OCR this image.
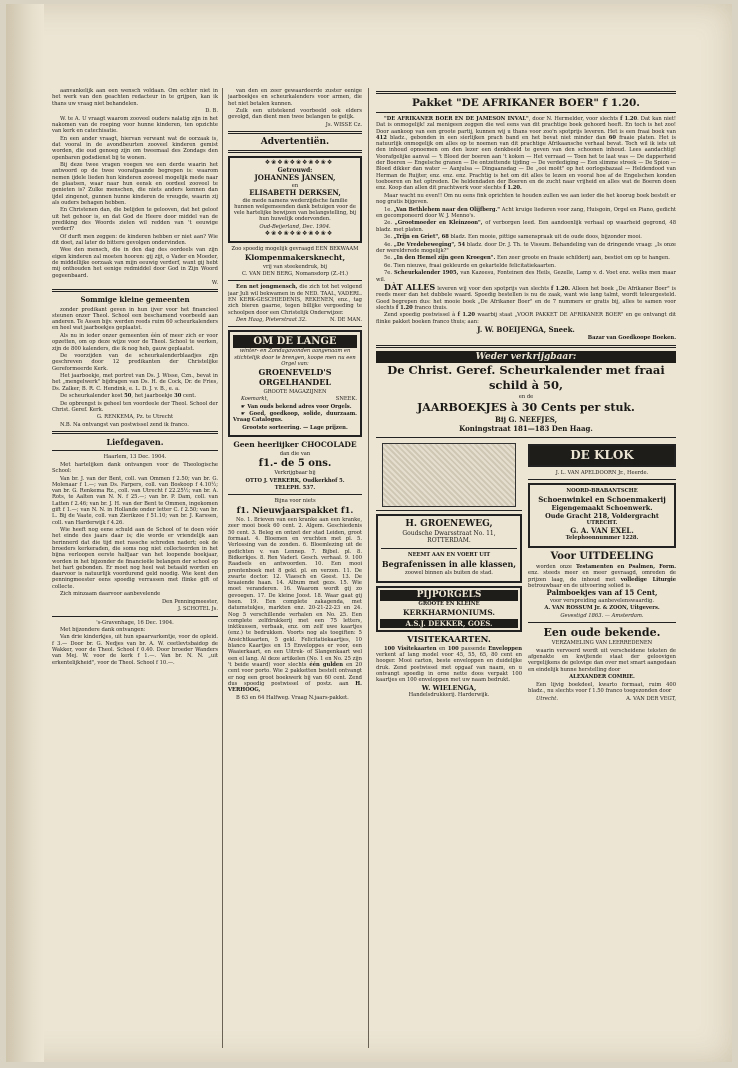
aanvankelijk aan een wensch voldaan. Om echter niet in het werk van den geachten redacteur in te grijpen, kan ik thans uw vraag niet behandelen.

D. B.

W. te A. U vraagt waarom zooveel ouders nalatig zijn in het nakomen van de roeping voor hunne kinderen, ten opzichte van kerk en catechisatie.

En een ander vraagt, hiervan verwant wat de oorzaak is, dat vooral in de avondbeurten zooveel kinderen gemist worden, die oud genoeg zijn om tweemaal des Zondags den openbaren godsdienst bij te wonen.

Bij deze twee vragen voegen we een derde waarin het antwoord op de twee voorafgaande begrepen is: waarom nemen ijdele lieden hun kinderen zooveel mogelijk mede naar de plaatsen, waar naar hun eensk en oordeel zooveel te genieten is? Zulke menschen, die niets anders kennen dan ijdel zingenot, gunnen hunne kinderen de vreugde, waarin zij als ouders behagen hebben.

En Christenen dan, die belijden te gelooven, dat het geloof uit het gehoor is, en dat God de Heere door middel van de prediking des Woords zielen wil redden van 't eeuwige verderf?

Of durft men zeggen: de kinderen hebben er niet aan? Wie dit doet, zal later do bittere gevolgen ondervinden.

Wee den mensch, die in den dag des oordeels van zijn eigen kinderen zal moeten hooren: gij zijt, o Vader en Moeder, de middellijke oorzaak van mijn eeuwig verderf, want gij hebt mij onthouden het eenige redmiddel door God in Zijn Woord gegeenbaard.

W.

Sommige kleine gemeenten

zonder predikant geven in hun ijver voor het financieel steunen onzer Theol. School een beschamend voorbeeld aan anderen. Te Assen bijv. werden reeds ruim 60 scheurkalenders en heel wat jaarboekjes geplaatst.

Als nu in ieder onzer gemeenten één of meer zich er voor opzetten, om op deze wijze voor de Theol. School te werken, zijn de 800 kalenders, die ik nog heb, gauw geplaatst.

De voorzijden van de scheurkalenderblaadjes zijn geschreven door 12 predikanten der Christelijke Gereformeerde Kerk.

Het jaarboekje, met portret van Ds. J. Wisse, Czn., bevat in het „mengelwerk" bijdragen van Ds. H. de Cock, Dr. de Fries, Ds. Zalker, B. R. C. Hendink, e. L. D. J. v. B., e. a.

De scheurkalender kost 50, het jaarboekje 30 cent.

De opbrengst is geheel ten voordeele der Theol. School der Christ. Geref. Kerk.

G. RENKEMA, Pz. te Utrecht

N.B. Na ontvangst van postwissel zend ik franco.

Liefdegaven.

Haarlem, 13 Dec. 1904.

Met hartelijken dank ontvangen voor de Theologische School:

Van br. J. van der Bent, coll. van Ommen f 2.50; van br. G. Molenaar f 1.—; van Ds. Farpers, coll. van Boskoop f 4.10½; van br. G. Renkema Rz., coll. van Utrecht f 22.25½; van br. A. Rots, te Aalten van N. N. f 25.—; van br. P. Dam, coll. van Latten f 2.46; van br. J. H. van der Bent te Ommen, ingekomen gift f 1.—; van N. N. in Hollande onder letter C. f 2.50; van br. L. Bij de Vaate, coll. van Zierikzee f 51.10; van br. J. Karssen, coll. van Harderwijk f 4.26.

Wie heeft nog eene schuld aan de School of te doen vóór het einde des jaars daar is; die worde er vriendelijk aan herinnerd dat die tijd met rassche schreden nadert; ook de broeders kerkeraden, die soms nog niet collecteerden in het bijna verloopen eerste halfjaar van het loopende boekjaar, worden in het bijzonder de financieële belangen der school op het hart gebonden. Er moet nog heel wat betaald worden en daarvoor is natuurlijk voordurend geld noodig. Wie kent den penningmeester eens spoedig verrassen met flinke gift of collecte.

Zich minzaam daarvoor aanbevelende

Den Penningmeester,

J. SCHOTEL Js.

's-Gravenhage, 16 Dec. 1904.

Met bijzondere dank ontvangen:

Van drie kinderkjes, uit hun spaarvarkentje, voor de opleid. f 3.— Door br. G. Nedjes van br. A. W. ceetlevtsbaidop de Wakker, voor de Theol. School f 0.40. Door broeder Wanders van Mej. W. voor de kerk f 1.—. Van br. N. N. „uit erkentelijkheid", voor de Theol. School f 10.—.

van den en zeer gewaardeerde zuster eenige jaarboekjes en scheurkalenders voor armen, die het niet betalen kunnen.

Zulk een uitstekend voorbeeld ook elders gevolgd, dan dient men twee belangen te gelijk.

Js. WISSE Cz.

Advertentiën.

❖❀❖❀❖❀❖❀❖❀❖

Getrouwd:

JOHANNES JANSEN,

en

ELISABETH DERKSEN,

die mede namens wederzijdsche familie hunnen welgemeenden dank betuigen voor de vele hartelijke bewijzen van belangstelling, bij hun huwelijk ondervonden.

Oud-Beijerland, Dec. 1904.

❖❀❖❀❖❀❖❀❖❀❖

Zoo spoedig mogelijk gevraagd EEN BEKWAAM

Klompenmakersknecht,

vrij van steekendruk, bij

C. VAN DEN BERG, Nomansdorp (Z.-H.)

Een net jongmensch, die zich tot het volgend jaar Juli wil bekwamen in de NED. TAAL, VADERL. EN KERK-GESCHIEDENIS, REKENEN, enz., tag zich bieren gaarne, tegen billijke vergoeding te schoolpen door een Christelijk Onderwijzer.

Den Haag, Pieterstraat 32.	N. DE MAN.

OM DE LANGE

winter- en Zondagavonden aangenaam en stichtelijk door te brengen, koope men nu een Orgel van:

GROENEVELD'S ORGELHANDEL

GROOTE MAGAZIJNEN

Koemarkt,	SNEEK.

☛ Van ouds bekend adres voor Orgels.

☛ Goed, goedkoop, solide, duurzaam. Vraag Catalogus.

Grootste sorteering. — Lage prijzen.

Geen heerlijker CHOCOLADE

dan die van

f1.- de 5 ons.

Verkrijgbaar bij

OTTO J. VERKERK, Oudkerkhof 5.

TELEPH. 537.

Bijna voor niets

f1. Nieuwjaarspakket f1.

No. 1. Brieven van een kranke aan een kranke, zeer mooi boek 60 cent. 2. Algem. Geschiedenis 50 cent. 3. Beleg en ontzet der stad Leiden, groot formaat. 4. Bloemen en vruchten met pl. 5. Verlossing van de zonden. 6. Bloemlezing uit de gedichten v. van Lennep. 7. Bijbel. pl. 8. Bidkerkjes. 8. Ren Vaderl. Gesch. verhaal. 9. 100 Raadsels en antwoorden. 10. Een mooi prentenboek met 8 gekl. pl. en verzen. 11. De zwarte doctor. 12. Vlaesch en Geest. 13. De kraaiende haan. 14. Album met gezs. 15. Wie moet veranderen. 16. Waarom wordt gij zo gevoegen. 17. De kleine Joost. 18. Waar gaat gij heen. 19. Een complete zakagenda, met datumstukjes, markten enz. 20-21-22-23 en 24. Nog 5 verschillende verhalen en No. 25. Een complete zelfdrukkerij met een 75 letters, inktkussen, verbaak, enz. om zelf uwe kaartjes (enz.) te bedrukken. Voorts nog als toegiften: 5 Ansichtkaarten, 5 gekl. Felicitatiekaartjes, 10 blanco Kaartjes en 15 Enveloppes er voor, een Waaierkaart, en een Uitrek- of Slangenkaart wel een el lang. Al deze artikelen (No. 1 en No. 25 zijn 't beide waard) voor slechts één gulden en 20 cent voor porto. Wie 2 pakketten bestelt ontvangt er nog een groot boekwerk bij van 60 cent. Zend dus spoedig postwissel of postz. aan H. VERHOOG,

B 63 en 64 Halfweg. Vraag N.jaars-pakket.

Pakket "DE AFRIKANER BOER" f 1.20.

"DE AFRIKANER BOER EN DE JAMESON INVAL", door N. Hermelder, voor slechts f 1.20. Dat kan niet! Dat is onmogelijk! zal menigeen zeggen die wel eens van dit prachtige boek gehoord heeft. En toch is het zoo! Door aankoop van een groote partij, kunnen wij u thans voor zoo'n spotprijs leveren. Het is een fraai boek van 412 bladz., gebonden in een sierlijken prach band en het bevat niet minder dan 60 fraaie platen. Het is natuurlijk onmogelijk om alles op te noemen van dit prachtige Afrikaansche verhaal bevat. Toch wil ik iets uit den inhoud opnoemen om den lezer een denkbeeld te geven van den schoonen inhoud. Lees aandachtig! Voorafgelijke aanval — 't Bloed der boeren aan 't koken — Het verraad — Toen het te laat was — De dapperheid der Boeren — Engelsche granen — De ontzettende tijding — De verdediging — Een slimme streek — De Spion — Bloed dikker dan water — Aanjulsa — Dingaansdag — De „ooi moët" op het oorlogsbazaal — Heldendood van Herman de Ruijter, enz. enz. enz. Prachtig is het om dit alles te lezen en vooral hoe af de Engelschen konden toeboeren en het optreden. De heldendaden der Boeren en de zucht naar vrijheid en alles wat de Boeren doen enz. Koop dan allen dit prachtwerk voor slechts f 1.20.

Maar wacht nu even!! Om nu eens fink oprichten te houden zullen we aan ieder die het koorug boek bestelt er nog gratis bijgeven.

1e. „Van Bethlehem naar den Olijfberg." Acht kruige liederen voor zang, Huisgoin, Orgel en Piano, gedicht en gecomponeerd door W. J. Menno's.

2e. „Grootmoeder en Kleinzoon", of verborgen leed. Een aandoenlijk verhaal op waarheid gegrond, 48 bladz. met platen.

3e. „Trijn en Griet", 68 bladz. Een mooie, pittige samenspraak uit de oude doos, bijzonder mooi.

4e. „De Vredebeweging", 54 bladz. door Dr. J. Th. te Vissum. Behandeling van de dringende vraag: „Is onze der wereldvrede mogelijk?"

5e. „In den Hemel zijn geen Kroegen". Een zeer groote en fraaie schilderij aan, bestiot om op te hangen.

6e. Tien nieuwe, fraai gekleurde en gekartelde felicitatiekaarten.

7e. Scheurkalender 1905, van Kazeesu, Fonteinen des Heils, Gezelle, Lamp v. d. Voet enz. welks men maar wil.

DÀT ALLES leveren wij voor den spotprijs van slechts f 1.20. Alleen het boek „De Afrikaner Boer" is reeds meer dan het dubbele waard. Spoedig bestellen is nu de zaak, want wie lang talmt, wordt teleurgesteld. Goed begrepen dus: het mooie boek „De Afrikaner Boer" en de 7 nummers er gratis bij, alles te samen voor slechts f 1.20 franco thuis.

Zend spoedig postwissel à f 1.20 waarbij staat „VOOR PAKKET DE AFRIKANER BOER" en ge ontvangt dit flinke pakket boeken franco thuis; aan:

J. W. BOEIJENGA, Sneek.

Bazar van Goedkoope Boeken.

Weder verkrijgbaar:

De Christ. Geref. Scheurkalender met fraai schild à 50,

en de

JAARBOEKJES à 30 Cents per stuk.

Bij G. NEEFJES,

Koningstraat 181—183 Den Haag.

H. GROENEWEG,

Goudsche Dwarsstraat No. 11,

ROTTERDAM.

NEEMT AAN EN VOERT UIT

Begrafenissen in alle klassen,

zoowel binnen als buiten de stad.

PIJPORGELS

GROOTE EN KLEINE

KERKHARMONIUMS.

A.S.J. DEKKER, GOES.

VISITEKAARTEN.

100 Visitekaarten en 100 passende Enveloppen verkent af lang model voor 45, 55, 65, 80 cent en hooger. Mooi carton, beste enveloppen en duidelijke druk. Zend postwissel met opgaaf van naam, en u ontvangt spoedig in orne nette doos verpakt 100 kaartjes en 100 enveloppen met uw naam bedrukt.

W. WIELENGA,

Handelsdrukkerij. Harderwijk.

DE KLOK

J. L. VAN APELDOORN Jr., Heerde.

NOORD-BRABANTSCHE

Schoenwinkel en Schoenmakerij

Eigengemaakt Schoenwerk.

Oude Gracht 218, Voldergracht

UTRECHT.

G. A. VAN EXEL.

Telephoonnummer 1228.

Voor UITDEELING

worden onze Testamenten en Psalmen, Form. enz. steeds meer en meer gevraagd, omreden de prijzen laag, de inhoud met volledige Liturgie betrouwbaar en de uitvoering solied is.

Palmboekjes van af 15 Cent,

voor verspreiding aanbevelenswaardig.

A. VAN ROSSUM Jr. & ZOON, Uitgevers.

Gevestigd 1863. — Amsterdam.

Een oude bekende.

VERZAMELING VAN LEERREDENEN

waarin vervoerd wordt uit verscheidene teksten de afgenakte en kwijtende staat der geloovigen vergelijkens de gelovige dan over met smart aangedaan en eindelijk hunne herstelling door

ALEXANDER COMRIE.

Een lijvig boekdeel, kwarto formaat, ruim 400 bladz., nu slechts voor f 1.50 franco toegezonden door

Utrecht.	A. VAN DER VEGT,
